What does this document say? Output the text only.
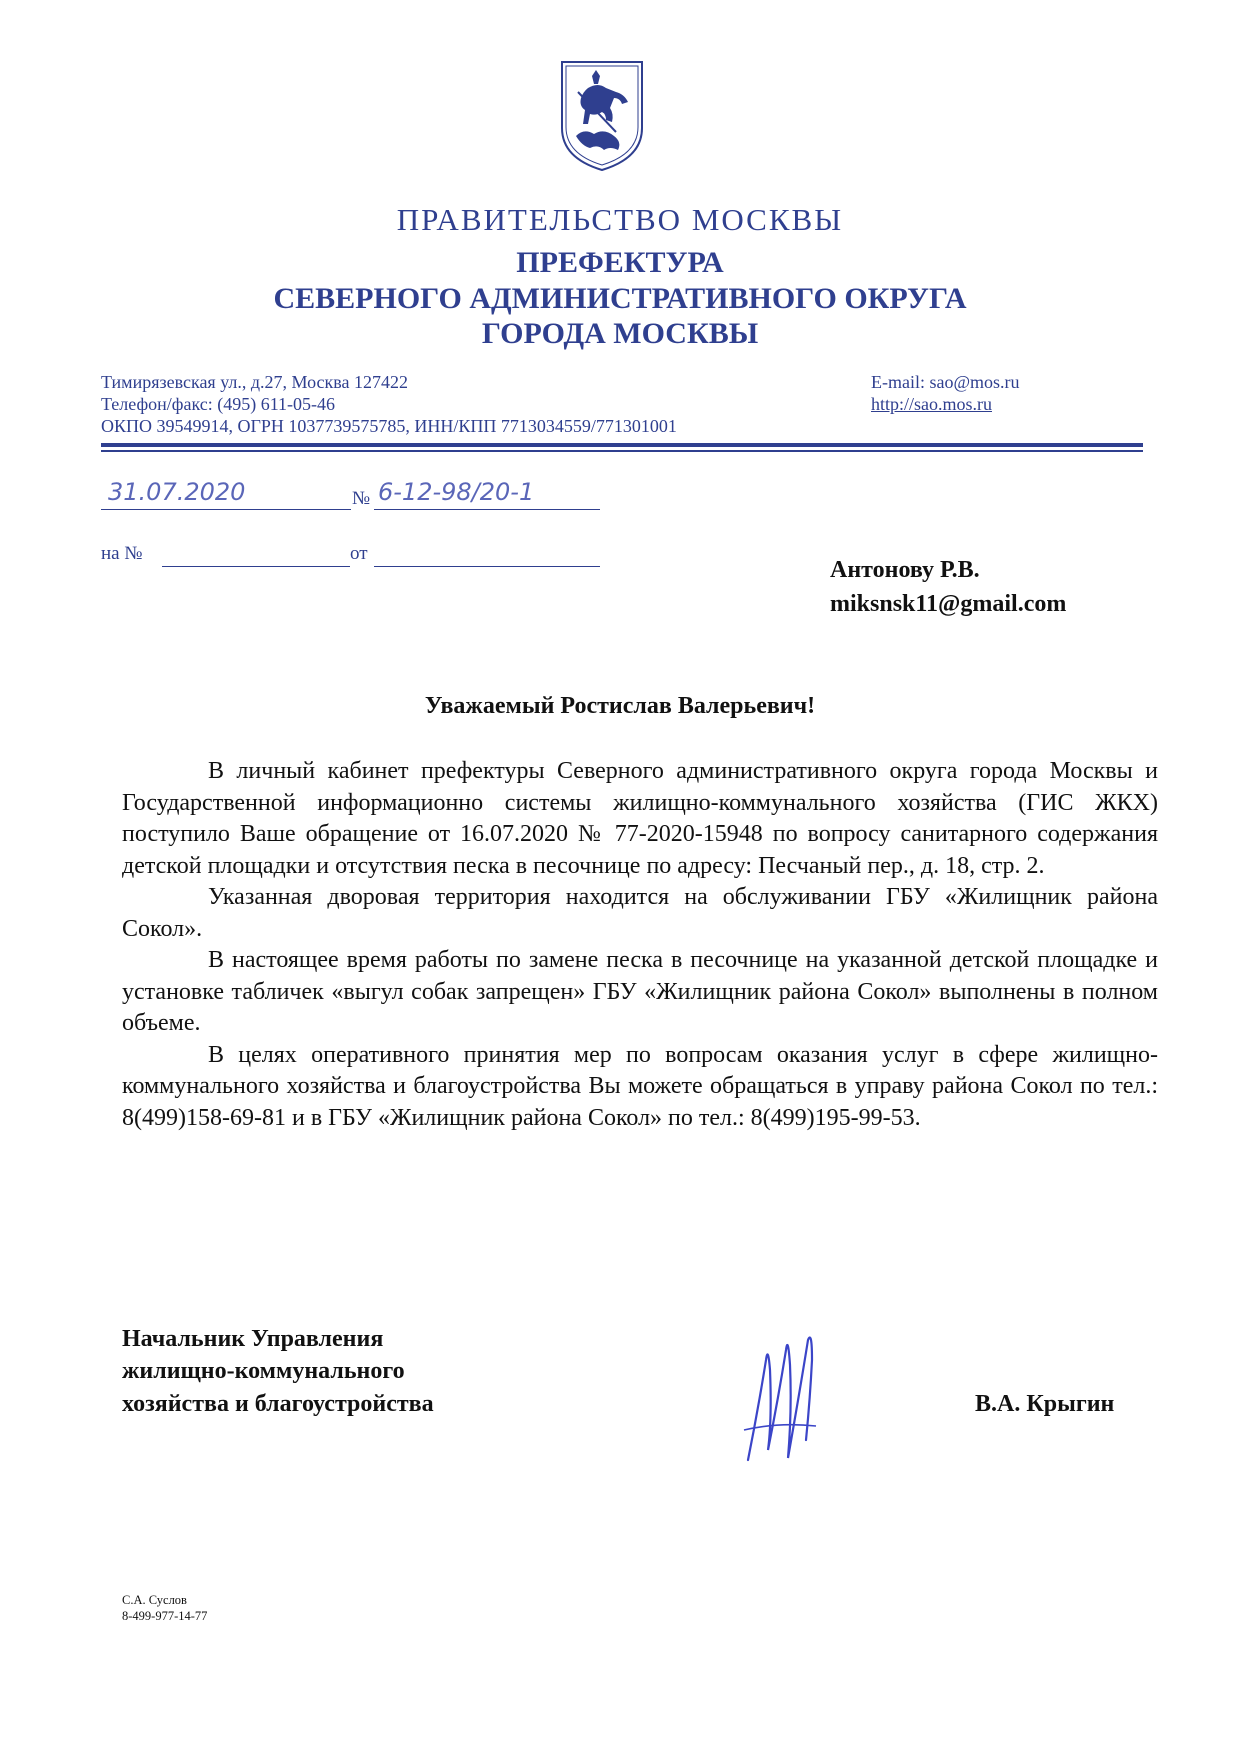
ПРАВИТЕЛЬСТВО МОСКВЫ
ПРЕФЕКТУРА
СЕВЕРНОГО АДМИНИСТРАТИВНОГО ОКРУГА
ГОРОДА МОСКВЫ
Тимирязевская ул., д.27, Москва 127422
Телефон/факс: (495) 611-05-46
ОКПО 39549914, ОГРН 1037739575785, ИНН/КПП 7713034559/771301001
E-mail: sao@mos.ru
http://sao.mos.ru
31.07.2020	№ 6-12-98/20-1
на №	от
Антонову Р.В.
miksnsk11@gmail.com
Уважаемый Ростислав Валерьевич!

В личный кабинет префектуры Северного административного округа города Москвы и Государственной информационно системы жилищно-коммунального хозяйства (ГИС ЖКХ) поступило Ваше обращение от 16.07.2020 № 77-2020-15948 по вопросу санитарного содержания детской площадки и отсутствия песка в песочнице по адресу: Песчаный пер., д. 18, стр. 2.

Указанная дворовая территория находится на обслуживании ГБУ «Жилищник района Сокол».

В настоящее время работы по замене песка в песочнице на указанной детской площадке и установке табличек «выгул собак запрещен» ГБУ «Жилищник района Сокол» выполнены в полном объеме.

В целях оперативного принятия мер по вопросам оказания услуг в сфере жилищно-коммунального хозяйства и благоустройства Вы можете обращаться в управу района Сокол по тел.: 8(499)158-69-81 и в ГБУ «Жилищник района Сокол» по тел.: 8(499)195-99-53.

Начальник Управления
жилищно-коммунального
хозяйства и благоустройства	В.А. Крыгин
С.А. Суслов
8-499-977-14-77
